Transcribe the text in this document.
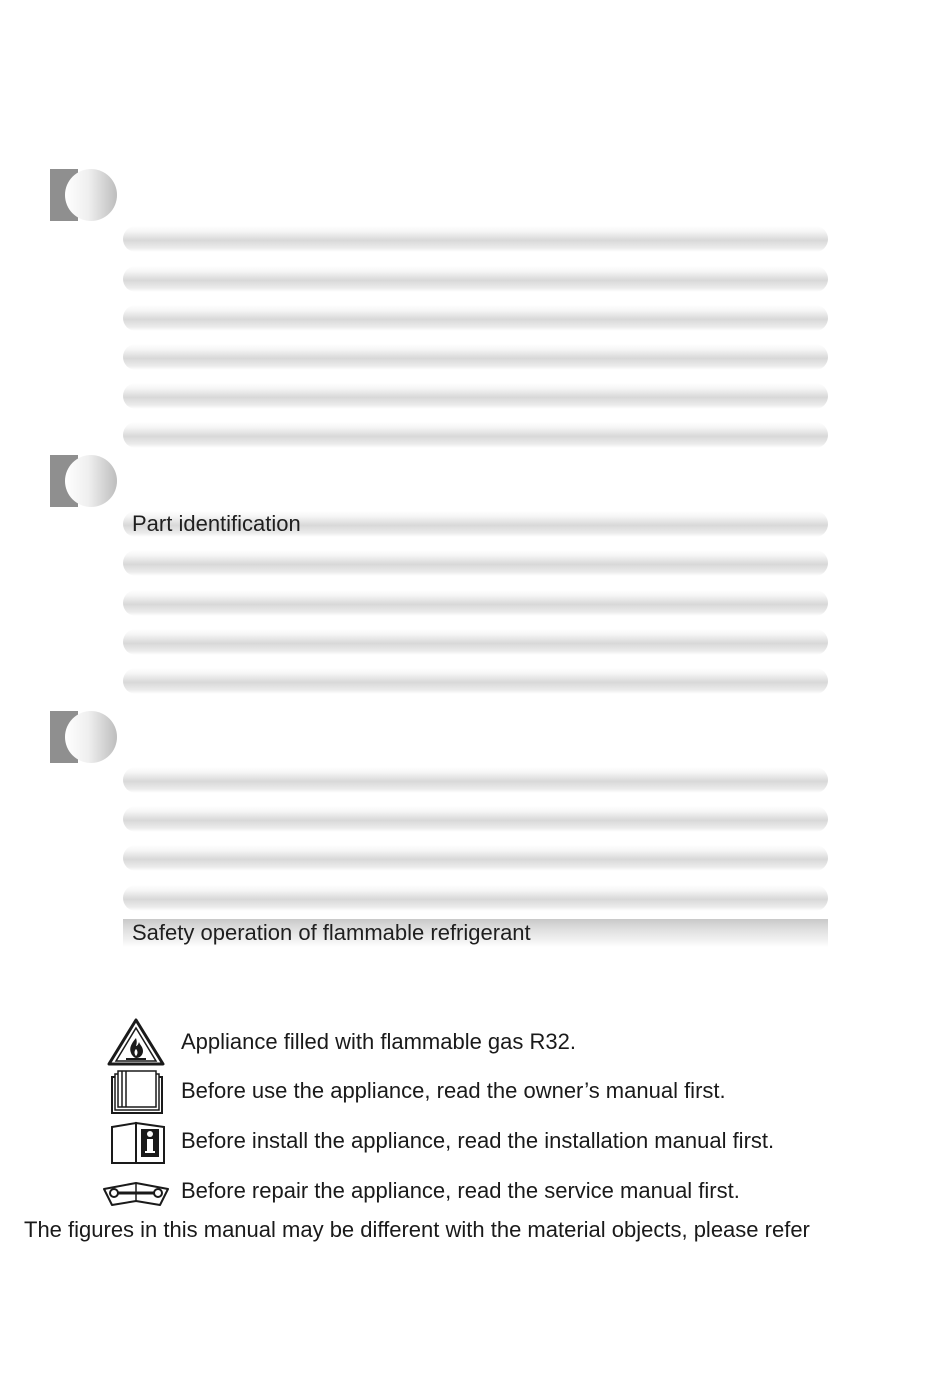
Part identification
Safety operation of flammable refrigerant
Appliance filled with flammable gas R32.
Before use the appliance, read the owner’s manual first.
Before install the appliance, read the installation manual first.
Before repair the appliance, read the service manual first.
The figures in this manual may be different with the material objects, please refer
